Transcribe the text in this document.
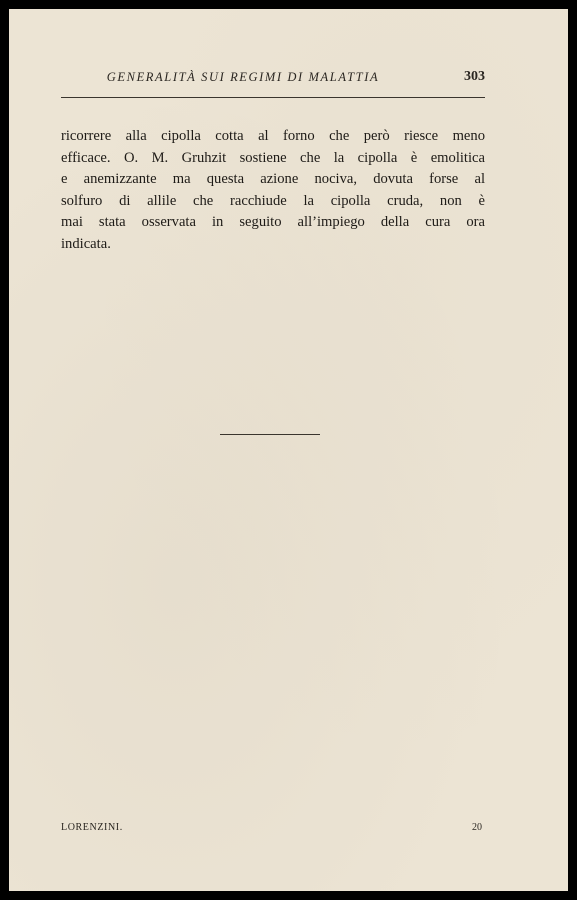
GENERALITÀ SUI REGIMI DI MALATTIA	303

ricorrere alla cipolla cotta al forno che però riesce meno
efficace. O. M. Gruhzit sostiene che la cipolla è emolitica
e anemizzante ma questa azione nociva, dovuta forse al
solfuro di allile che racchiude la cipolla cruda, non è
mai stata osservata in seguito all’impiego della cura ora
indicata.

LORENZINI.	20
